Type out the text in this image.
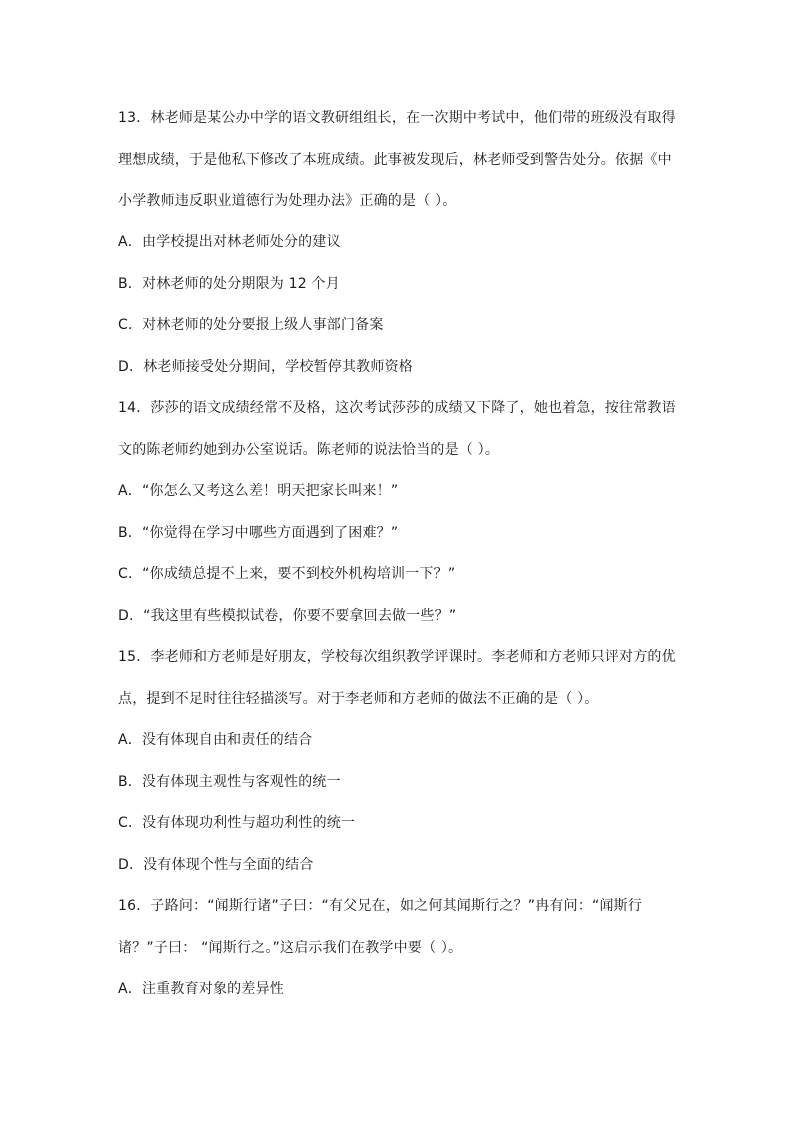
13．林老师是某公办中学的语文教研组组长，在一次期中考试中，他们带的班级没有取得
理想成绩，于是他私下修改了本班成绩。此事被发现后，林老师受到警告处分。依据《中
小学教师违反职业道德行为处理办法》正确的是（ ）。
A．由学校提出对林老师处分的建议
B．对林老师的处分期限为 12 个月
C．对林老师的处分要报上级人事部门备案
D．林老师接受处分期间，学校暂停其教师资格
14．莎莎的语文成绩经常不及格，这次考试莎莎的成绩又下降了，她也着急，按往常教语
文的陈老师约她到办公室说话。陈老师的说法恰当的是（ ）。
A．“你怎么又考这么差！明天把家长叫来！”
B．“你觉得在学习中哪些方面遇到了困难？”
C．“你成绩总提不上来，要不到校外机构培训一下？”
D．“我这里有些模拟试卷，你要不要拿回去做一些？”
15．李老师和方老师是好朋友，学校每次组织教学评课时。李老师和方老师只评对方的优
点，提到不足时往往轻描淡写。对于李老师和方老师的做法不正确的是（ ）。
A．没有体现自由和责任的结合
B．没有体现主观性与客观性的统一
C．没有体现功利性与超功利性的统一
D．没有体现个性与全面的结合
16．子路问：“闻斯行诸”子曰：“有父兄在，如之何其闻斯行之？”冉有问：“闻斯行
诸？”子曰： “闻斯行之。”这启示我们在教学中要（ ）。
A．注重教育对象的差异性
